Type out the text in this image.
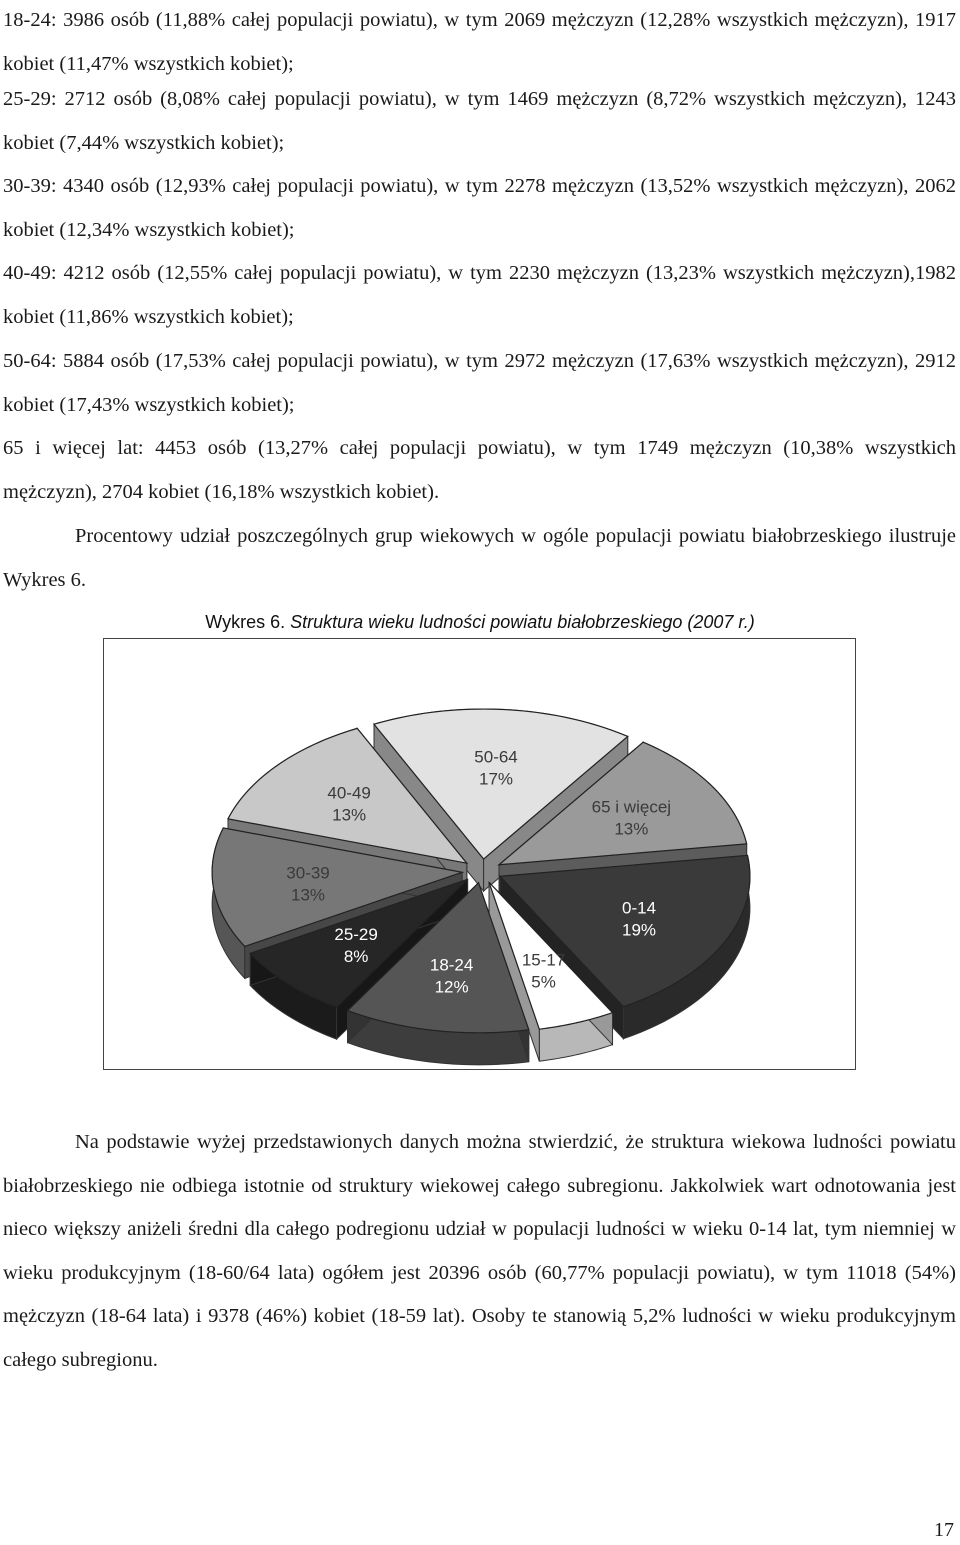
18-24: 3986 osób (11,88% całej populacji powiatu), w tym 2069 mężczyzn (12,28% wszystkich mężczyzn), 1917 kobiet (11,47% wszystkich kobiet);

25-29: 2712 osób (8,08% całej populacji powiatu), w tym 1469 mężczyzn (8,72% wszystkich mężczyzn), 1243 kobiet (7,44% wszystkich kobiet);

30-39: 4340 osób (12,93% całej populacji powiatu), w tym 2278 mężczyzn (13,52% wszystkich mężczyzn), 2062 kobiet (12,34% wszystkich kobiet);

40-49: 4212 osób (12,55% całej populacji powiatu), w tym 2230 mężczyzn (13,23% wszystkich mężczyzn),1982 kobiet (11,86% wszystkich kobiet);

50-64: 5884 osób (17,53% całej populacji powiatu), w tym 2972 mężczyzn (17,63% wszystkich mężczyzn), 2912 kobiet (17,43% wszystkich kobiet);

65 i więcej lat: 4453 osób (13,27% całej populacji powiatu), w tym 1749 mężczyzn (10,38% wszystkich mężczyzn), 2704 kobiet (16,18% wszystkich kobiet).

Procentowy udział poszczególnych grup wiekowych w ogóle populacji powiatu białobrzeskiego ilustruje Wykres 6.

Wykres 6. Struktura wieku ludności powiatu białobrzeskiego (2007 r.)
0-14
19%
15-17
5%
18-24
12%
25-29
8%
30-39
13%
40-49
13%
50-64
17%
65 i więcej
13%

Na podstawie wyżej przedstawionych danych można stwierdzić, że struktura wiekowa ludności powiatu białobrzeskiego nie odbiega istotnie od struktury wiekowej całego subregionu. Jakkolwiek wart odnotowania jest nieco większy aniżeli średni dla całego podregionu udział w populacji ludności w wieku 0-14 lat, tym niemniej w wieku produkcyjnym (18-60/64 lata) ogółem jest 20396 osób (60,77% populacji powiatu), w tym 11018 (54%) mężczyzn (18-64 lata) i 9378 (46%) kobiet (18-59 lat). Osoby te stanowią 5,2% ludności w wieku produkcyjnym całego subregionu.

17
